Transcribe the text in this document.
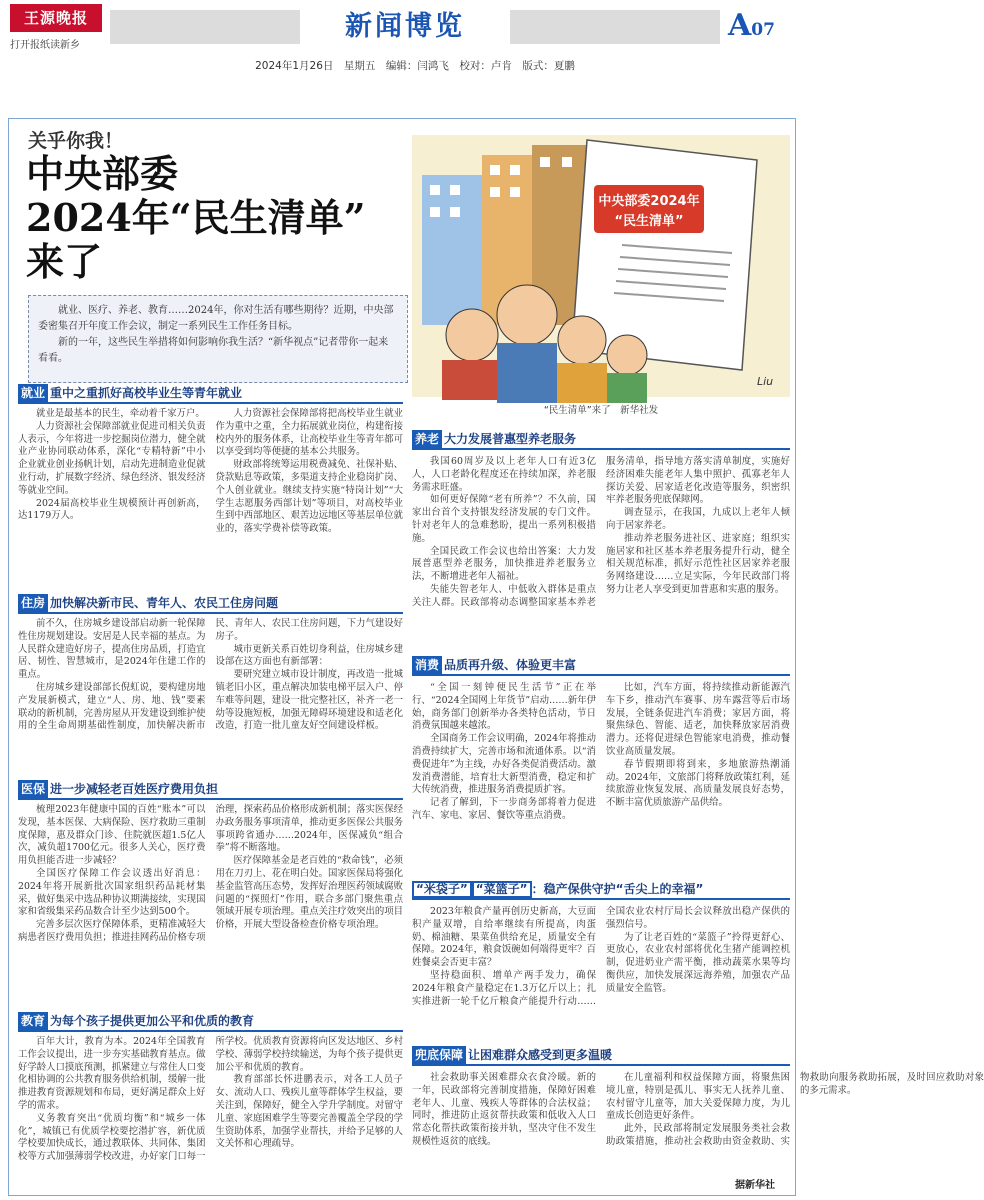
王源晚报
打开报纸读新乡
新闻博览	A07
2024年1月26日　星期五　编辑：闫鸿飞　校对：卢肯　版式：夏鹏
关乎你我！
中央部委
2024年“民生清单”
来了

就业、医疗、养老、教育……2024年，你对生活有哪些期待？近期，中央部委密集召开年度工作会议，制定一系列民生工作任务目标。

新的一年，这些民生举措将如何影响你我生活？“新华视点”记者带你一起来看看。

中央部委2024年
“民生清单”
Liu
“民生清单”来了　新华社发
就业 重中之重抓好高校毕业生等青年就业

就业是最基本的民生，牵动着千家万户。

人力资源社会保障部就业促进司相关负责人表示，今年将进一步挖掘岗位潜力，健全就业产业协同联动体系，深化“专精特新”中小企业就业创业扬帆计划，启动先进制造业促就业行动，扩展数字经济、绿色经济、银发经济等就业空间。

2024届高校毕业生规模预计再创新高，达1179万人。

人力资源社会保障部将把高校毕业生就业作为重中之重，全力拓展就业岗位，构建衔接校内外的服务体系，让高校毕业生等青年都可以享受到均等便捷的基本公共服务。

财政部将统筹运用税费减免、社保补贴、贷款贴息等政策，多渠道支持企业稳岗扩岗、个人创业就业。继续支持实施“特岗计划”“大学生志愿服务西部计划”等项目，对高校毕业生到中西部地区、艰苦边远地区等基层单位就业的，落实学费补偿等政策。

住房 加快解决新市民、青年人、农民工住房问题

前不久，住房城乡建设部启动新一轮保障性住房规划建设。安居是人民幸福的基点。为人民群众建造好房子，提高住房品质，打造宜居、韧性、智慧城市，是2024年住建工作的重点。

住房城乡建设部部长倪虹说，要构建房地产发展新模式，建立“人、房、地、钱”要素联动的新机制，完善房屋从开发建设到维护使用的全生命周期基础性制度，加快解决新市民、青年人、农民工住房问题，下力气建设好房子。

城市更新关系百姓切身利益，住房城乡建设部在这方面也有新部署：

要研究建立城市设计制度，再改造一批城镇老旧小区，重点解决加装电梯平层入户、停车难等问题，建设一批完整社区，补齐一老一幼等设施短板，加强无障碍环境建设和适老化改造，打造一批儿童友好空间建设样板。

医保 进一步减轻老百姓医疗费用负担

梳理2023年健康中国的百姓“账本”可以发现，基本医保、大病保险、医疗救助三重制度保障，惠及群众门诊、住院就医超1.5亿人次，减负超1700亿元。很多人关心，医疗费用负担能否进一步减轻？

全国医疗保障工作会议透出好消息：2024年将开展新批次国家组织药品耗材集采，做好集采中选品种协议期满接续，实现国家和省级集采药品数合计至少达到500个。

完善多层次医疗保障体系，更精准减轻大病患者医疗费用负担；推进挂网药品价格专项治理，探索药品价格形成新机制；落实医保经办政务服务事项清单，推动更多医保公共服务事项跨省通办……2024年，医保减负“组合拳”将不断落地。

医疗保障基金是老百姓的“救命钱”，必须用在刀刃上、花在明白处。国家医保局将强化基金监管高压态势，发挥好治理医药领域腐败问题的“探照灯”作用，联合多部门聚焦重点领域开展专项治理。重点关注疗效突出的项目价格，开展大型设备检查价格专项治理。

教育 为每个孩子提供更加公平和优质的教育

百年大计，教育为本。2024年全国教育工作会议提出，进一步夯实基础教育基点。做好学龄人口摸底预测，抓紧建立与常住人口变化相协调的公共教育服务供给机制，缓解一批推进教育资源规划和布局，更好满足群众上好学的需求。

义务教育突出“优质均衡”和“城乡一体化”，城镇已有优质学校要挖潜扩容，新优质学校要加快成长，通过教联体、共同体、集团校等方式加强薄弱学校改进，办好家门口每一所学校。优质教育资源将向区发达地区、乡村学校、薄弱学校持续输送，为每个孩子提供更加公平和优质的教育。

教育部部长怀进鹏表示，对各工人员子女、流动人口、残疾儿童等群体学生权益，要关注到，保障好，健全入学升学制度。对留守儿童、家庭困难学生等要完善覆盖全学段的学生资助体系，加强学业帮扶，并给予足够的人文关怀和心理疏导。

养老 大力发展普惠型养老服务

我国60周岁及以上老年人口有近3亿人，人口老龄化程度还在持续加深，养老服务需求旺盛。

如何更好保障“老有所养”？不久前，国家出台首个支持银发经济发展的专门文件。针对老年人的急难愁盼，提出一系列积极措施。

全国民政工作会议也给出答案：大力发展普惠型养老服务，加快推进养老服务立法，不断增进老年人福祉。

失能失智老年人、中低收入群体是重点关注人群。民政部将动态调整国家基本养老服务清单，指导地方落实清单制度，实施好经济困难失能老年人集中照护、孤寡老年人探访关爱、居家适老化改造等服务，织密织牢养老服务兜底保障网。

调查显示，在我国，九成以上老年人倾向于居家养老。

推动养老服务进社区、进家庭；组织实施居家和社区基本养老服务提升行动，健全相关规范标准，抓好示范性社区居家养老服务网络建设……立足实际，今年民政部门将努力让老人享受到更加普惠和实惠的服务。

消费 品质再升级、体验更丰富

“全国一刻钟便民生活节”正在举行、“2024全国网上年货节”启动……新年伊始，商务部门创新举办各类特色活动，节日消费氛围越来越浓。

全国商务工作会议明确，2024年将推动消费持续扩大，完善市场和流通体系。以“消费促进年”为主线，办好各类促消费活动。激发消费潜能，培育壮大新型消费，稳定和扩大传统消费，推进服务消费提质扩容。

记者了解到，下一步商务部将着力促进汽车、家电、家居、餐饮等重点消费。

比如，汽车方面，将持续推动新能源汽车下乡，推动汽车赛事、房车露营等后市场发展，全链条促进汽车消费；家居方面，将聚焦绿色、智能、适老，加快释放家居消费潜力。还将促进绿色智能家电消费，推动餐饮业高质量发展。

春节假期即将到来，多地旅游热潮涌动。2024年，文旅部门将释放政策红利，延续旅游业恢复发展、高质量发展良好态势，不断丰富优质旅游产品供给。

“米袋子” “菜篮子” ：稳产保供守护“舌尖上的幸福”

2023年粮食产量再创历史新高，大豆面积产量双增，自给率继续有所提高，肉蛋奶、棉油糖、果菜鱼供给充足，质量安全有保障。2024年，粮食饭碗如何端得更牢？百姓餐桌会否更丰富？

坚持稳面积、增单产两手发力，确保2024年粮食产量稳定在1.3万亿斤以上；扎实推进新一轮千亿斤粮食产能提升行动……全国农业农村厅局长会议释放出稳产保供的强烈信号。

为了让老百姓的“菜篮子”拎得更舒心、更放心，农业农村部将优化生猪产能调控机制，促进奶业产需平衡，推动蔬菜水果等均衡供应，加快发展深远海养殖，加强农产品质量安全监管。

兜底保障 让困难群众感受到更多温暖

社会救助事关困难群众衣食冷暖。新的一年，民政部将完善制度措施，保障好困难老年人、儿童、残疾人等群体的合法权益；同时，推进防止返贫帮扶政策和低收入人口常态化帮扶政策衔接并轨，坚决守住不发生规模性返贫的底线。

在儿童福利和权益保障方面，将聚焦困境儿童，特别是孤儿、事实无人抚养儿童、农村留守儿童等，加大关爱保障力度，为儿童成长创造更好条件。

此外，民政部将制定发展服务类社会救助政策措施，推动社会救助由资金救助、实物救助向服务救助拓展，及时回应救助对象的多元需求。

据新华社
